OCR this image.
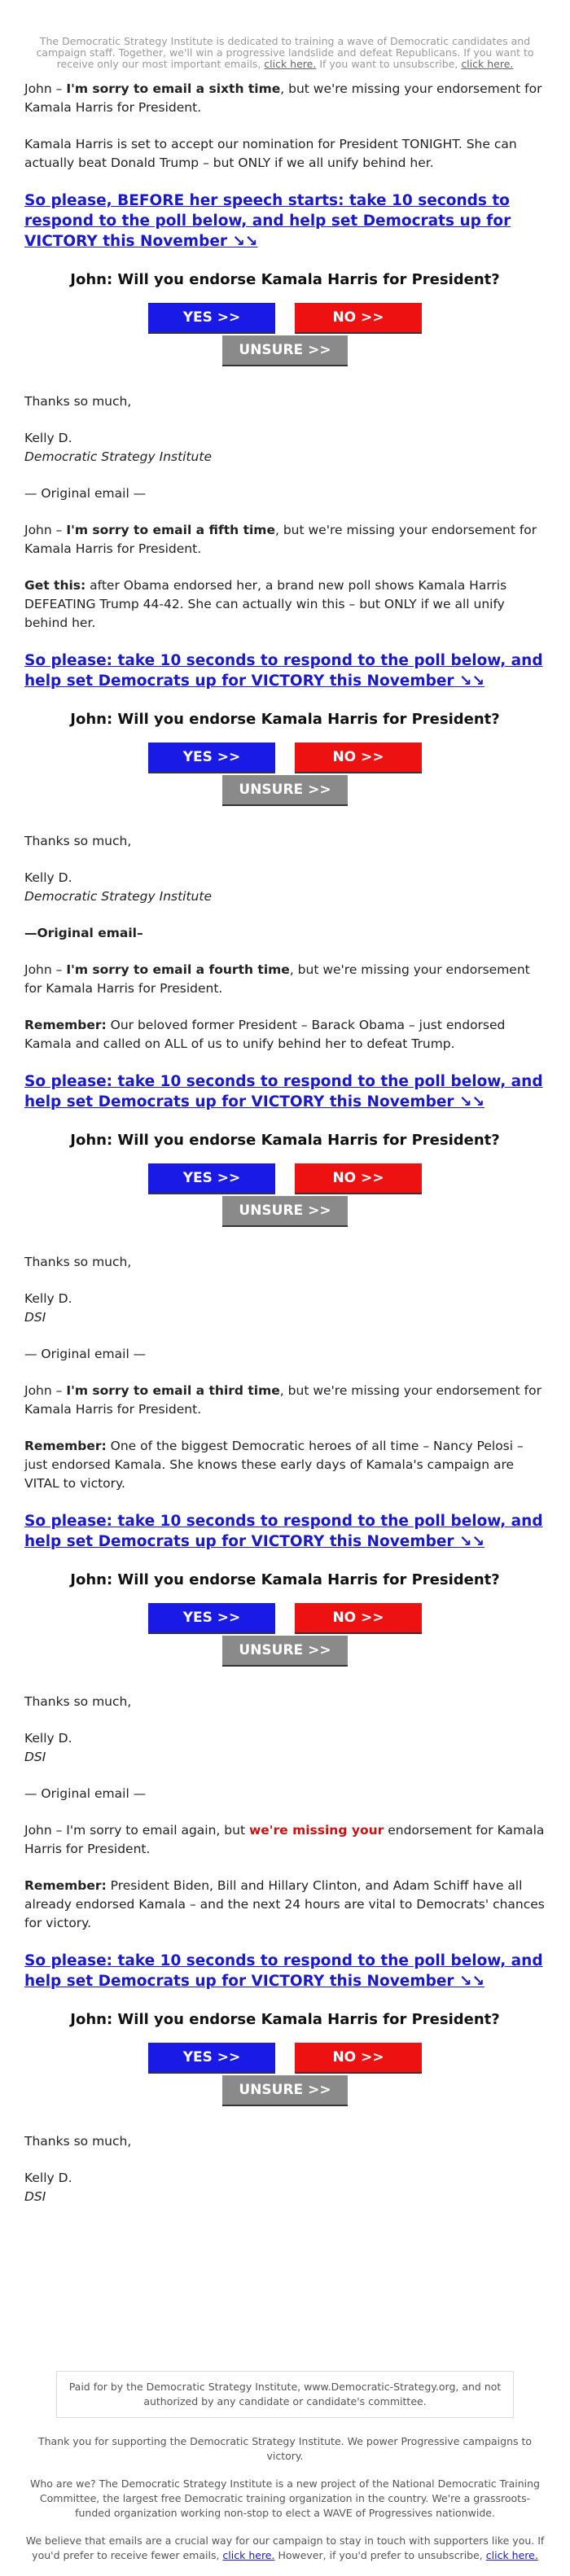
The Democratic Strategy Institute is dedicated to training a wave of Democratic candidates and campaign staff. Together, we'll win a progressive landslide and defeat Republicans. If you want to receive only our most important emails, click here. If you want to unsubscribe, click here.

John – I'm sorry to email a sixth time, but we're missing your endorsement for Kamala Harris for President.

Kamala Harris is set to accept our nomination for President TONIGHT. She can actually beat Donald Trump – but ONLY if we all unify behind her.

So please, BEFORE her speech starts: take 10 seconds to respond to the poll below, and help set Democrats up for VICTORY this November ↘↘
John: Will you endorse Kamala Harris for President?
YES >>	NO >>
UNSURE >>

Thanks so much,

Kelly D.

Democratic Strategy Institute

— Original email —

John – I'm sorry to email a fifth time, but we're missing your endorsement for Kamala Harris for President.

Get this: after Obama endorsed her, a brand new poll shows Kamala Harris DEFEATING Trump 44-42. She can actually win this – but ONLY if we all unify behind her.

So please: take 10 seconds to respond to the poll below, and help set Democrats up for VICTORY this November ↘↘
John: Will you endorse Kamala Harris for President?
YES >>	NO >>
UNSURE >>

Thanks so much,

Kelly D.

Democratic Strategy Institute

—Original email–

John – I'm sorry to email a fourth time, but we're missing your endorsement for Kamala Harris for President.

Remember: Our beloved former President – Barack Obama – just endorsed Kamala and called on ALL of us to unify behind her to defeat Trump.

So please: take 10 seconds to respond to the poll below, and help set Democrats up for VICTORY this November ↘↘
John: Will you endorse Kamala Harris for President?
YES >>	NO >>
UNSURE >>

Thanks so much,

Kelly D.

DSI

— Original email —

John – I'm sorry to email a third time, but we're missing your endorsement for Kamala Harris for President.

Remember: One of the biggest Democratic heroes of all time – Nancy Pelosi – just endorsed Kamala. She knows these early days of Kamala's campaign are VITAL to victory.

So please: take 10 seconds to respond to the poll below, and help set Democrats up for VICTORY this November ↘↘
John: Will you endorse Kamala Harris for President?
YES >>	NO >>
UNSURE >>

Thanks so much,

Kelly D.

DSI

— Original email —

John – I'm sorry to email again, but we're missing your endorsement for Kamala Harris for President.

Remember: President Biden, Bill and Hillary Clinton, and Adam Schiff have all already endorsed Kamala – and the next 24 hours are vital to Democrats' chances for victory.

So please: take 10 seconds to respond to the poll below, and help set Democrats up for VICTORY this November ↘↘
John: Will you endorse Kamala Harris for President?
YES >>	NO >>
UNSURE >>

Thanks so much,

Kelly D.

DSI

Paid for by the Democratic Strategy Institute, www.Democratic-Strategy.org, and not authorized by any candidate or candidate's committee.

Thank you for supporting the Democratic Strategy Institute. We power Progressive campaigns to victory.

Who are we? The Democratic Strategy Institute is a new project of the National Democratic Training Committee, the largest free Democratic training organization in the country. We're a grassroots-funded organization working non-stop to elect a WAVE of Progressives nationwide.

We believe that emails are a crucial way for our campaign to stay in touch with supporters like you. If you'd prefer to receive fewer emails, click here. However, if you'd prefer to unsubscribe, click here.
